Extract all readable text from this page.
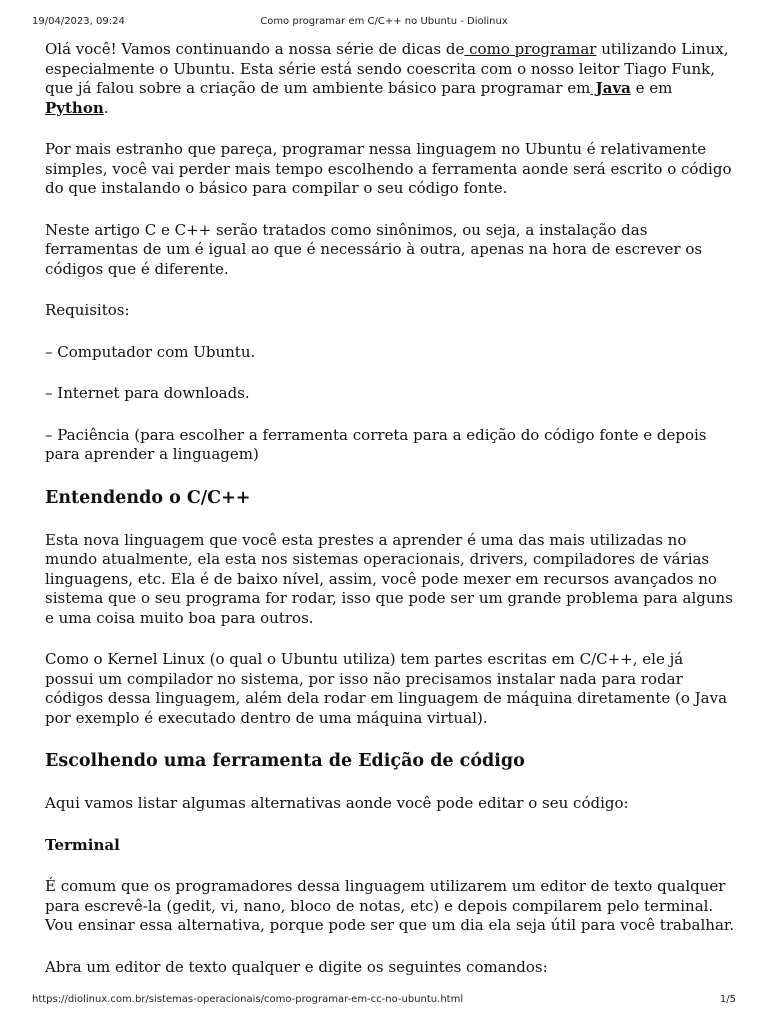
19/04/2023, 09:24	Como programar em C/C++ no Ubuntu - Diolinux

Olá você! Vamos continuando a nossa série de dicas de como programar utilizando Linux, especialmente o Ubuntu. Esta série está sendo coescrita com o nosso leitor Tiago Funk, que já falou sobre a criação de um ambiente básico para programar em Java e em Python.

Por mais estranho que pareça, programar nessa linguagem no Ubuntu é relativamente simples, você vai perder mais tempo escolhendo a ferramenta aonde será escrito o código do que instalando o básico para compilar o seu código fonte.

Neste artigo C e C++ serão tratados como sinônimos, ou seja, a instalação das ferramentas de um é igual ao que é necessário à outra, apenas na hora de escrever os códigos que é diferente.

Requisitos:

– Computador com Ubuntu.

– Internet para downloads.

– Paciência (para escolher a ferramenta correta para a edição do código fonte e depois para aprender a linguagem)

Entendendo o C/C++

Esta nova linguagem que você esta prestes a aprender é uma das mais utilizadas no mundo atualmente, ela esta nos sistemas operacionais, drivers, compiladores de várias linguagens, etc. Ela é de baixo nível, assim, você pode mexer em recursos avançados no sistema que o seu programa for rodar, isso que pode ser um grande problema para alguns e uma coisa muito boa para outros.

Como o Kernel Linux (o qual o Ubuntu utiliza) tem partes escritas em C/C++, ele já possui um compilador no sistema, por isso não precisamos instalar nada para rodar códigos dessa linguagem, além dela rodar em linguagem de máquina diretamente (o Java por exemplo é executado dentro de uma máquina virtual).

Escolhendo uma ferramenta de Edição de código

Aqui vamos listar algumas alternativas aonde você pode editar o seu código:

Terminal

É comum que os programadores dessa linguagem utilizarem um editor de texto qualquer para escrevê-la (gedit, vi, nano, bloco de notas, etc) e depois compilarem pelo terminal. Vou ensinar essa alternativa, porque pode ser que um dia ela seja útil para você trabalhar.

Abra um editor de texto qualquer e digite os seguintes comandos:

https://diolinux.com.br/sistemas-operacionais/como-programar-em-cc-no-ubuntu.html	1/5
